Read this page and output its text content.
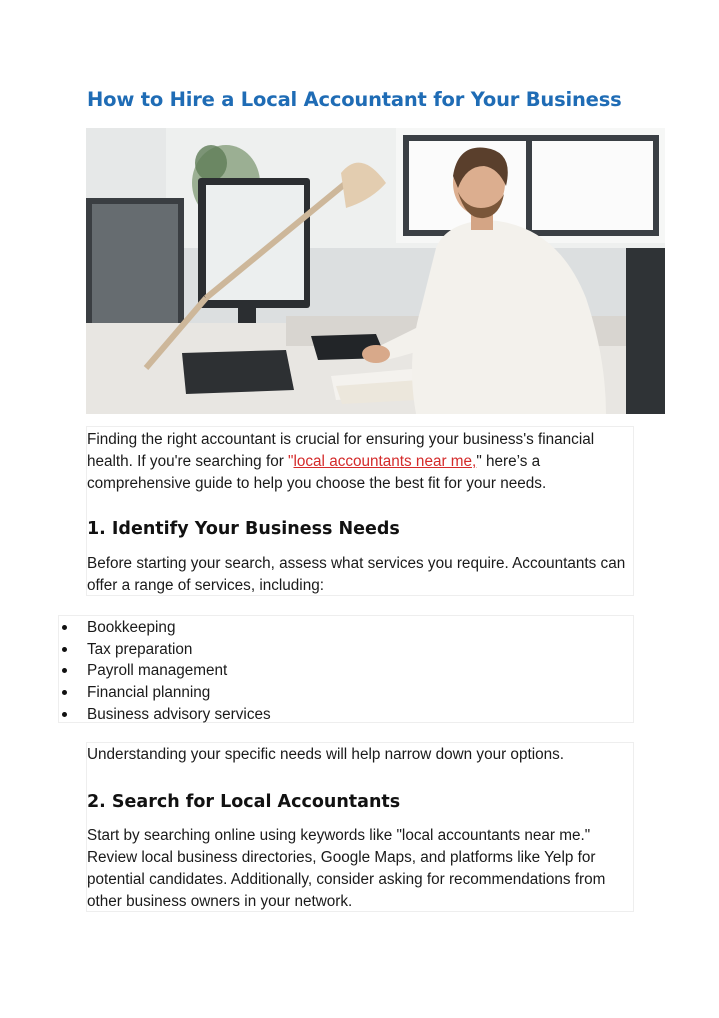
How to Hire a Local Accountant for Your Business

Finding the right accountant is crucial for ensuring your business's financial health. If you're searching for "local accountants near me," here’s a comprehensive guide to help you choose the best fit for your needs.

1. Identify Your Business Needs

Before starting your search, assess what services you require. Accountants can offer a range of services, including:

Bookkeeping
Tax preparation
Payroll management
Financial planning
Business advisory services

Understanding your specific needs will help narrow down your options.

2. Search for Local Accountants

Start by searching online using keywords like "local accountants near me." Review local business directories, Google Maps, and platforms like Yelp for potential candidates. Additionally, consider asking for recommendations from other business owners in your network.
